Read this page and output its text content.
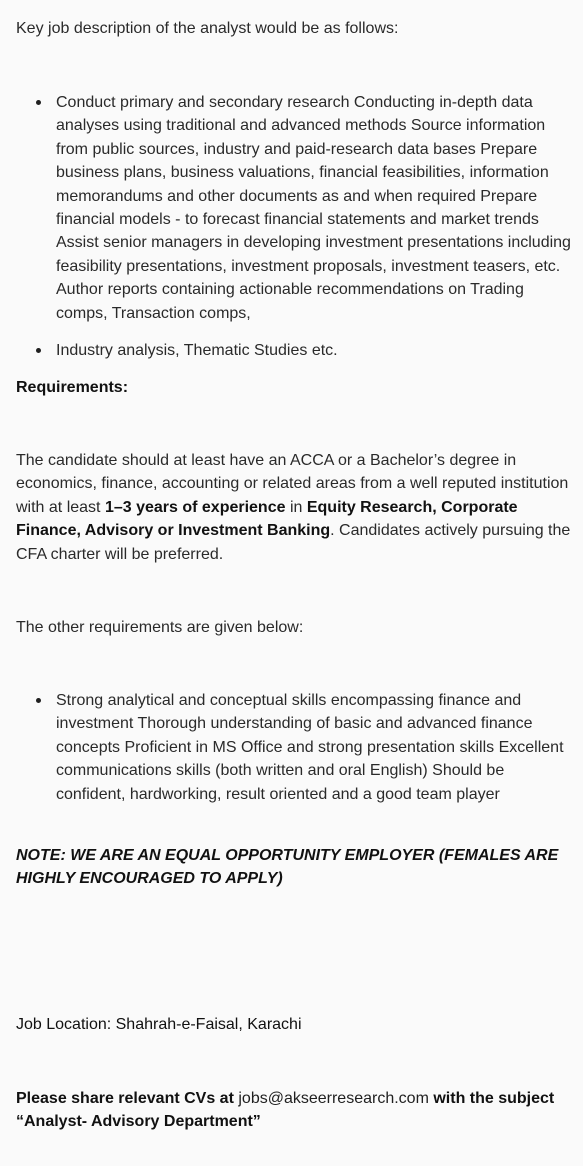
Key job description of the analyst would be as follows:

Conduct primary and secondary research Conducting in-depth data analyses using traditional and advanced methods Source information from public sources, industry and paid-research data bases Prepare business plans, business valuations, financial feasibilities, information memorandums and other documents as and when required Prepare financial models - to forecast financial statements and market trends Assist senior managers in developing investment presentations including feasibility presentations, investment proposals, investment teasers, etc. Author reports containing actionable recommendations on Trading comps, Transaction comps,
Industry analysis, Thematic Studies etc.

Requirements:

The candidate should at least have an ACCA or a Bachelor’s degree in economics, finance, accounting or related areas from a well reputed institution with at least 1–3 years of experience in Equity Research, Corporate Finance, Advisory or Investment Banking. Candidates actively pursuing the CFA charter will be preferred.

The other requirements are given below:

Strong analytical and conceptual skills encompassing finance and investment Thorough understanding of basic and advanced finance concepts Proficient in MS Office and strong presentation skills Excellent communications skills (both written and oral English) Should be confident, hardworking, result oriented and a good team player

NOTE: WE ARE AN EQUAL OPPORTUNITY EMPLOYER (FEMALES ARE HIGHLY ENCOURAGED TO APPLY)

Job Location: Shahrah-e-Faisal, Karachi

Please share relevant CVs at jobs@akseerresearch.com with the subject “Analyst- Advisory Department”
